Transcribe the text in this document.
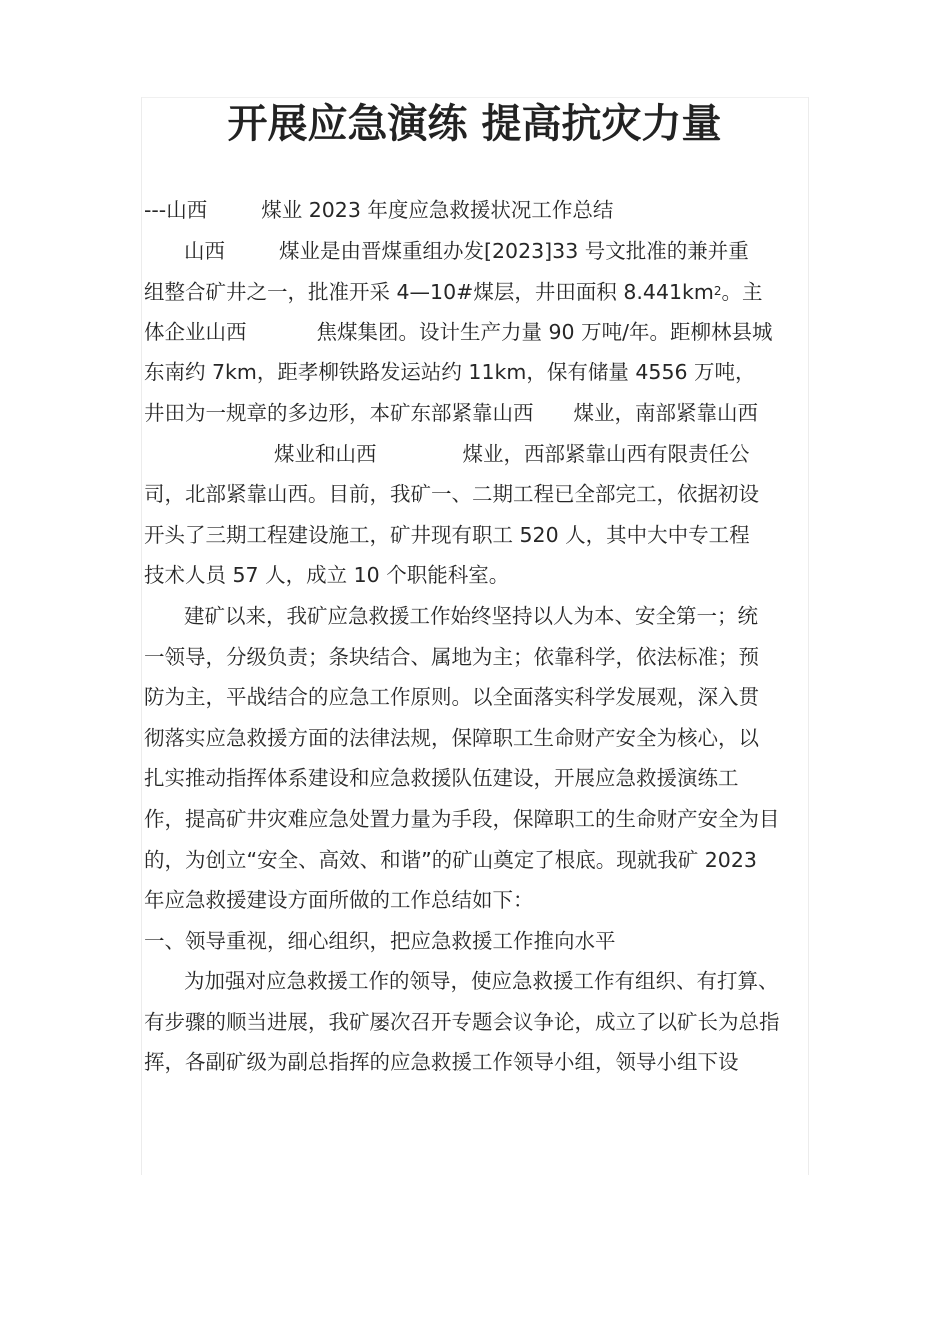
开展应急演练 提高抗灾力量
---山西	煤业 2023 年度应急救援状况工作总结
山西	煤业是由晋煤重组办发[2023]33 号文批准的兼并重
组整合矿井之一，批准开采 4—10#煤层，井田面积 $8.441km^2$。主
体企业山西	焦煤集团。设计生产力量 90 万吨/年。距柳林县城
东南约 7km，距孝柳铁路发运站约 11km，保有储量 4556 万吨，
井田为一规章的多边形，本矿东部紧靠山西 煤业，南部紧靠山西
煤业和山西	煤业，西部紧靠山西有限责任公
司，北部紧靠山西。目前，我矿一、二期工程已全部完工，依据初设
开头了三期工程建设施工，矿井现有职工 520 人，其中大中专工程
技术人员 57 人，成立 10 个职能科室。
建矿以来，我矿应急救援工作始终坚持以人为本、安全第一；统
一领导，分级负责；条块结合、属地为主；依靠科学，依法标准；预
防为主，平战结合的应急工作原则。以全面落实科学发展观，深入贯
彻落实应急救援方面的法律法规，保障职工生命财产安全为核心，以
扎实推动指挥体系建设和应急救援队伍建设，开展应急救援演练工
作，提高矿井灾难应急处置力量为手段，保障职工的生命财产安全为目
的，为创立“安全、高效、和谐”的矿山奠定了根底。现就我矿 2023
年应急救援建设方面所做的工作总结如下：
一、领导重视，细心组织，把应急救援工作推向水平
为加强对应急救援工作的领导，使应急救援工作有组织、有打算、
有步骤的顺当进展，我矿屡次召开专题会议争论，成立了以矿长为总指
挥，各副矿级为副总指挥的应急救援工作领导小组，领导小组下设
